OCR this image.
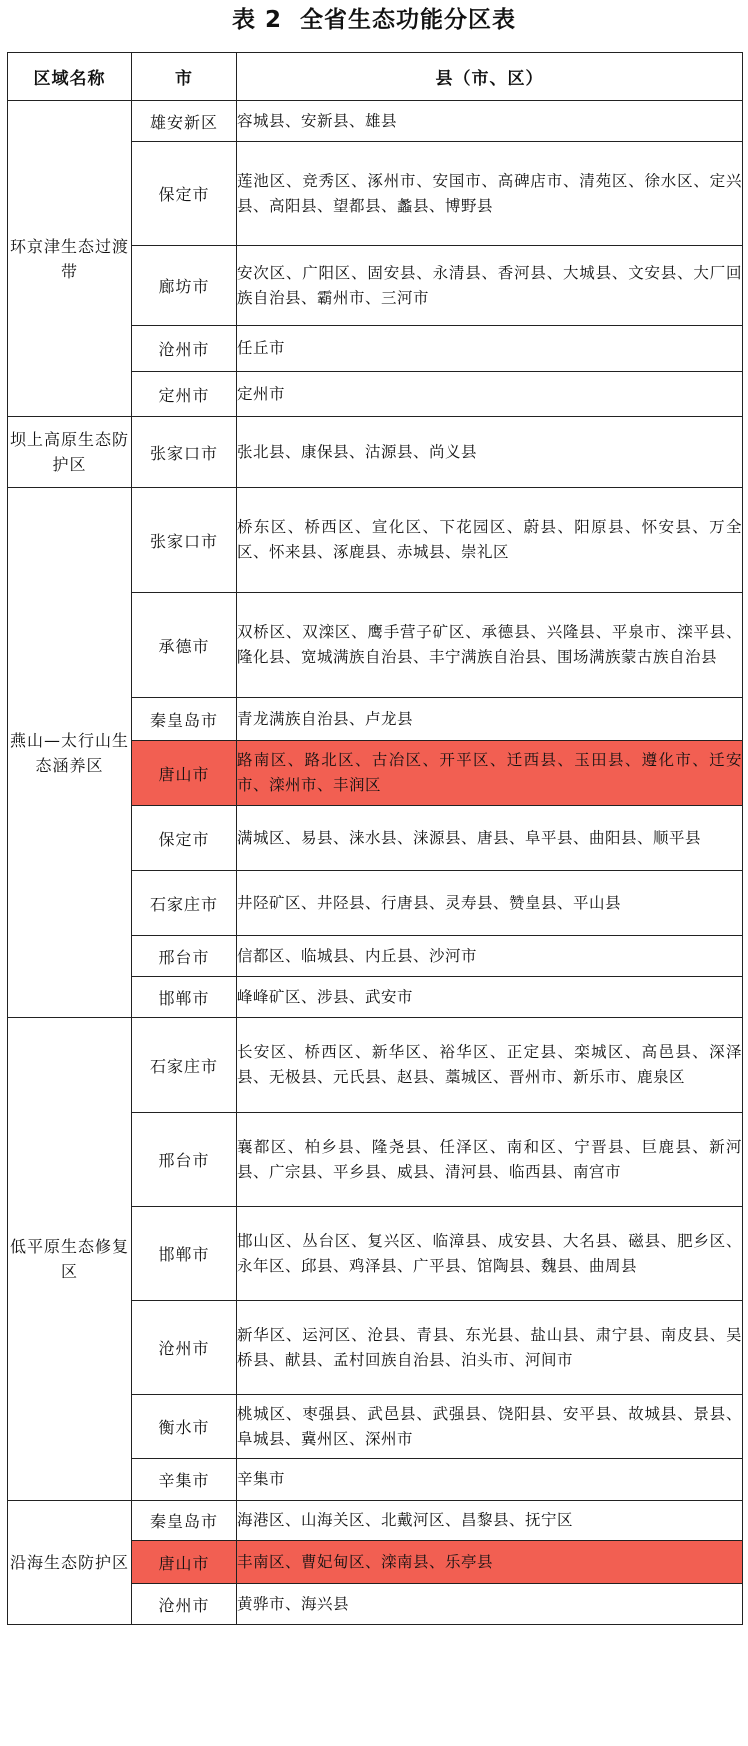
表 2 全省生态功能分区表
区域名称	市	县（市、区）
环京津生态过渡带	雄安新区	容城县、安新县、雄县
	保定市	莲池区、竞秀区、涿州市、安国市、高碑店市、清苑区、徐水区、定兴县、高阳县、望都县、蠡县、博野县
	廊坊市	安次区、广阳区、固安县、永清县、香河县、大城县、文安县、大厂回族自治县、霸州市、三河市
	沧州市	任丘市
	定州市	定州市
坝上高原生态防护区	张家口市	张北县、康保县、沽源县、尚义县
燕山—太行山生态涵养区	张家口市	桥东区、桥西区、宣化区、下花园区、蔚县、阳原县、怀安县、万全区、怀来县、涿鹿县、赤城县、崇礼区
	承德市	双桥区、双滦区、鹰手营子矿区、承德县、兴隆县、平泉市、滦平县、隆化县、宽城满族自治县、丰宁满族自治县、围场满族蒙古族自治县
	秦皇岛市	青龙满族自治县、卢龙县
	唐山市	路南区、路北区、古冶区、开平区、迁西县、玉田县、遵化市、迁安市、滦州市、丰润区
	保定市	满城区、易县、涞水县、涞源县、唐县、阜平县、曲阳县、顺平县
	石家庄市	井陉矿区、井陉县、行唐县、灵寿县、赞皇县、平山县
	邢台市	信都区、临城县、内丘县、沙河市
	邯郸市	峰峰矿区、涉县、武安市
低平原生态修复区	石家庄市	长安区、桥西区、新华区、裕华区、正定县、栾城区、高邑县、深泽县、无极县、元氏县、赵县、藁城区、晋州市、新乐市、鹿泉区
	邢台市	襄都区、柏乡县、隆尧县、任泽区、南和区、宁晋县、巨鹿县、新河县、广宗县、平乡县、威县、清河县、临西县、南宫市
	邯郸市	邯山区、丛台区、复兴区、临漳县、成安县、大名县、磁县、肥乡区、永年区、邱县、鸡泽县、广平县、馆陶县、魏县、曲周县
	沧州市	新华区、运河区、沧县、青县、东光县、盐山县、肃宁县、南皮县、吴桥县、献县、孟村回族自治县、泊头市、河间市
	衡水市	桃城区、枣强县、武邑县、武强县、饶阳县、安平县、故城县、景县、阜城县、冀州区、深州市
	辛集市	辛集市
沿海生态防护区	秦皇岛市	海港区、山海关区、北戴河区、昌黎县、抚宁区
	唐山市	丰南区、曹妃甸区、滦南县、乐亭县
	沧州市	黄骅市、海兴县
